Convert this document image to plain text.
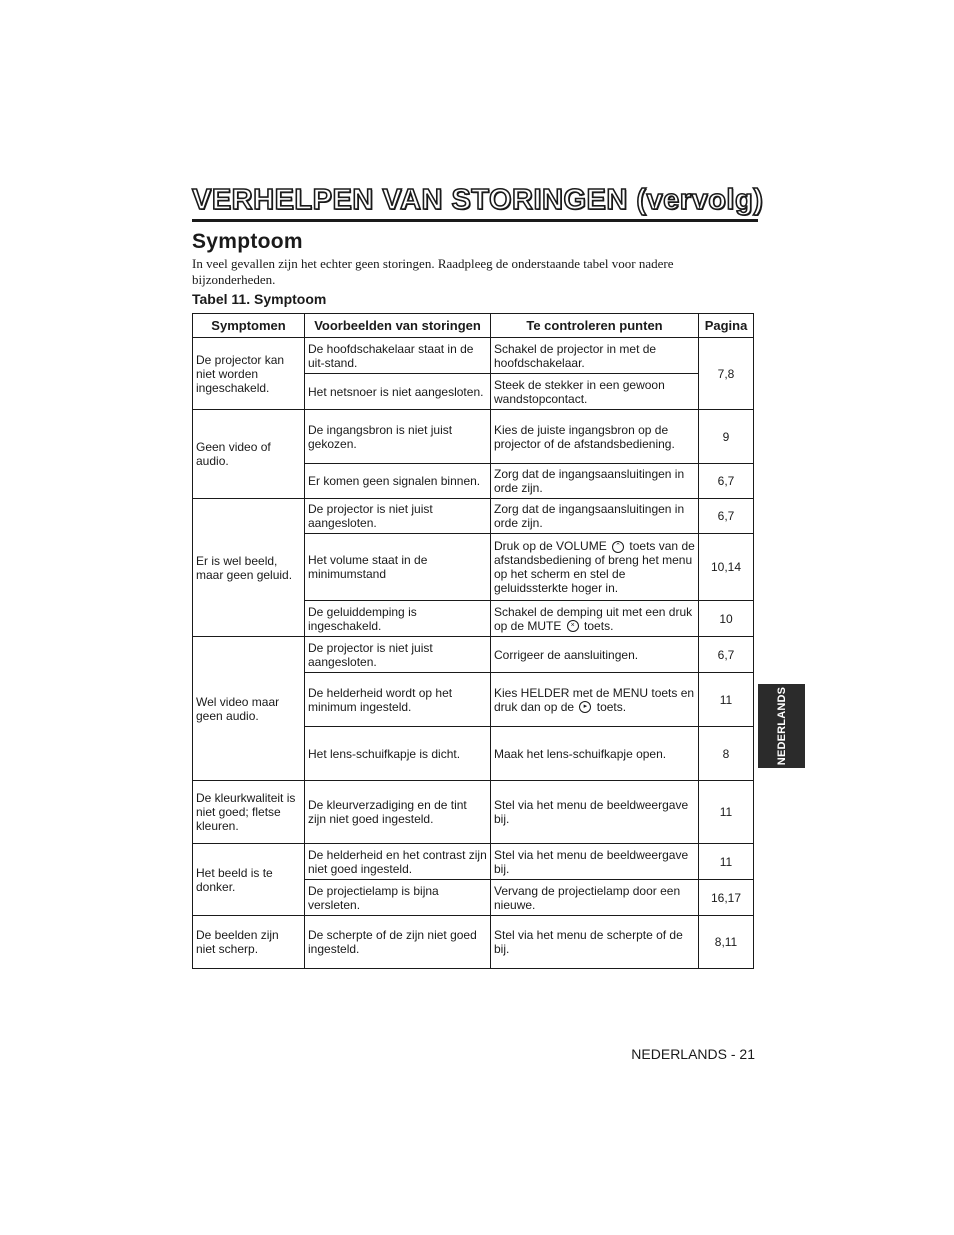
VERHELPEN VAN STORINGEN (vervolg)
Symptoom
In veel gevallen zijn het echter geen storingen. Raadpleeg de onderstaande tabel voor nadere bijzonderheden.
Tabel 11. Symptoom
Symptomen	Voorbeelden van storingen	Te controleren punten	Pagina
De projector kan niet worden ingeschakeld.	De hoofdschakelaar staat in de uit-stand.	Schakel de projector in met de hoofdschakelaar.	7,8
	Het netsnoer is niet aangesloten.	Steek de stekker in een gewoon wandstopcontact.	
Geen video of audio.	De ingangsbron is niet juist gekozen.	Kies de juiste ingangsbron op de projector of de afstandsbediening.	9
	Er komen geen signalen binnen.	Zorg dat de ingangsaansluitingen in orde zijn.	6,7
Er is wel beeld, maar geen geluid.	De projector is niet juist aangesloten.	Zorg dat de ingangsaansluitingen in orde zijn.	6,7
	Het volume staat in de minimumstand	Druk op de VOLUME ⌃ toets van de afstandsbediening of breng het menu op het scherm en stel de geluidssterkte hoger in.	10,14
	De geluiddemping is ingeschakeld.	Schakel de demping uit met een druk op de MUTE × toets.	10
Wel video maar geen audio.	De projector is niet juist aangesloten.	Corrigeer de aansluitingen.	6,7
	De helderheid wordt op het minimum ingesteld.	Kies HELDER met de MENU toets en druk dan op de ▸ toets.	11
	Het lens-schuifkapje is dicht.	Maak het lens-schuifkapje open.	8
De kleurkwaliteit is niet goed; fletse kleuren.	De kleurverzadiging en de tint zijn niet goed ingesteld.	Stel via het menu de beeldweergave bij.	11
Het beeld is te donker.	De helderheid en het contrast zijn niet goed ingesteld.	Stel via het menu de beeldweergave bij.	11
	De projectielamp is bijna versleten.	Vervang de projectielamp door een nieuwe.	16,17
De beelden zijn niet scherp.	De scherpte of de zijn niet goed ingesteld.	Stel via het menu de scherpte of de bij.	8,11
NEDERLANDS
NEDERLANDS - 21
